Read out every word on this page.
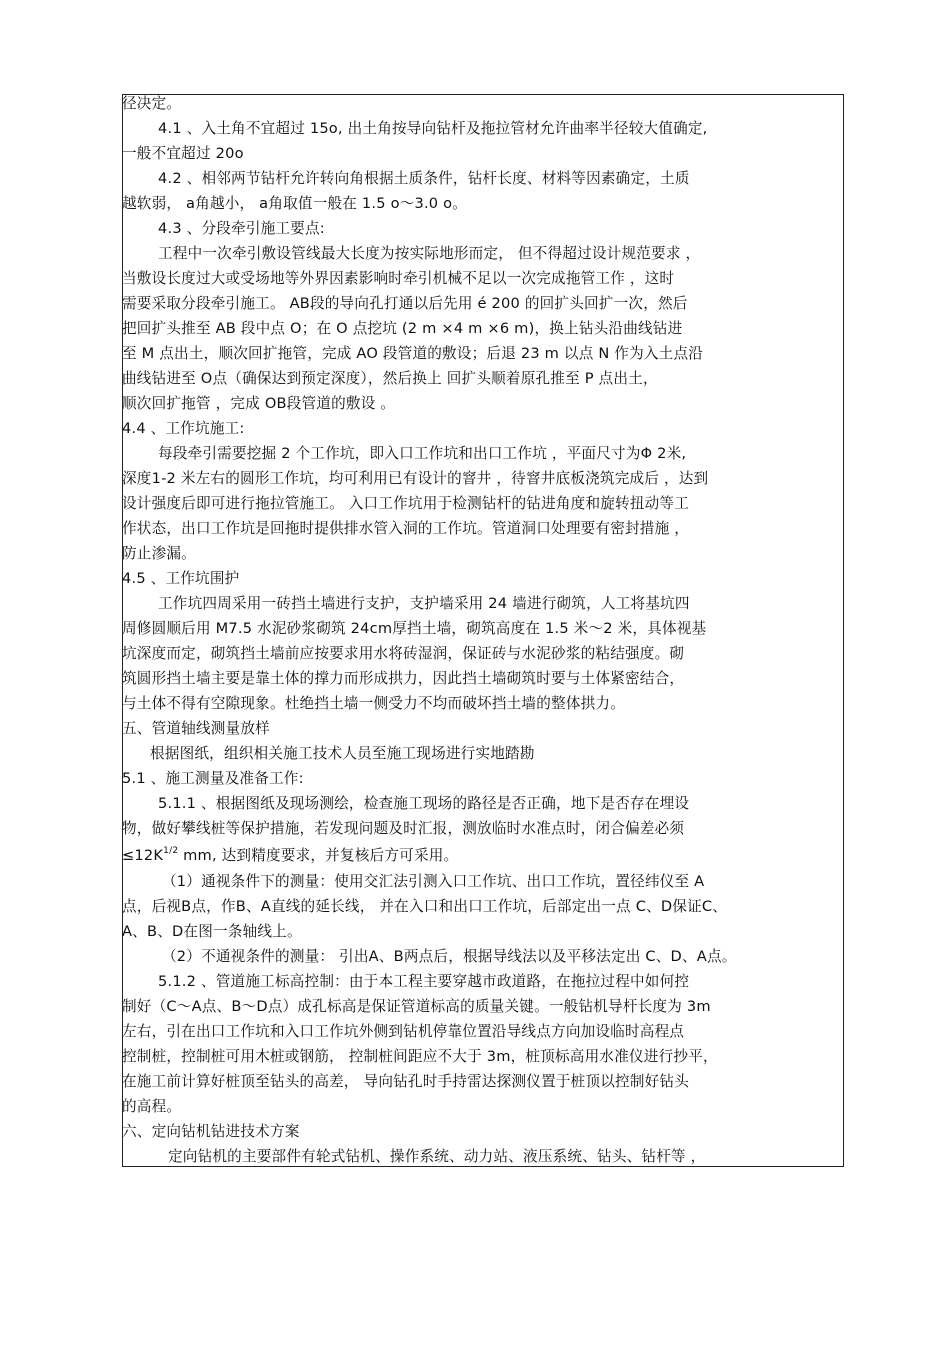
径决定。
4.1 、入土角不宜超过 15o, 出土角按导向钻杆及拖拉管材允许曲率半径较大值确定,
一般不宜超过 20o
4.2 、相邻两节钻杆允许转向角根据土质条件，钻杆长度、材料等因素确定，土质
越软弱， a角越小， a角取值一般在 1.5 o～3.0 o。
4.3 、分段牵引施工要点:
工程中一次牵引敷设管线最大长度为按实际地形而定， 但不得超过设计规范要求 ，
当敷设长度过大或受场地等外界因素影响时牵引机械不足以一次完成拖管工作 ，这时
需要采取分段牵引施工。 AB段的导向孔打通以后先用 é 200 的回扩头回扩一次，然后
把回扩头推至 AB 段中点 O；在 O 点挖坑 (2 m ×4 m ×6 m)，换上钻头沿曲线钻进
至 M 点出土，顺次回扩拖管，完成 AO 段管道的敷设；后退 23 m 以点 N 作为入土点沿
曲线钻进至 O点（确保达到预定深度），然后换上 回扩头顺着原孔推至 P 点出土，
顺次回扩拖管 ，完成 OB段管道的敷设 。
4.4 、工作坑施工:
每段牵引需要挖掘 2 个工作坑，即入口工作坑和出口工作坑 ，平面尺寸为Φ 2米,
深度1-2 米左右的圆形工作坑，均可利用已有设计的窨井 ，待窨井底板浇筑完成后 ，达到
设计强度后即可进行拖拉管施工。 入口工作坑用于检测钻杆的钻进角度和旋转扭动等工
作状态，出口工作坑是回拖时提供排水管入洞的工作坑。管道洞口处理要有密封措施 ，
防止渗漏。
4.5 、工作坑围护
工作坑四周采用一砖挡土墙进行支护，支护墙采用 24 墙进行砌筑，人工将基坑四
周修圆顺后用 M7.5 水泥砂浆砌筑 24cm厚挡土墙，砌筑高度在 1.5 米～2 米，具体视基
坑深度而定，砌筑挡土墙前应按要求用水将砖湿润，保证砖与水泥砂浆的粘结强度。砌
筑圆形挡土墙主要是靠土体的撑力而形成拱力，因此挡土墙砌筑时要与土体紧密结合，
与土体不得有空隙现象。杜绝挡土墙一侧受力不均而破坏挡土墙的整体拱力。
五、管道轴线测量放样
根据图纸，组织相关施工技术人员至施工现场进行实地踏勘
5.1 、施工测量及准备工作:
5.1.1 、根据图纸及现场测绘，检查施工现场的路径是否正确，地下是否存在埋设
物，做好攀线桩等保护措施，若发现问题及时汇报，测放临时水准点时，闭合偏差必须
$\le 12K^{1/2}$ mm, 达到精度要求，并复核后方可采用。
（1）通视条件下的测量：使用交汇法引测入口工作坑、出口工作坑，置径纬仪至 A
点，后视B点，作B、A直线的延长线， 并在入口和出口工作坑，后部定出一点 C、D保证C、
A、B、D在图一条轴线上。
（2）不通视条件的测量： 引出A、B两点后，根据导线法以及平移法定出 C、D、A点。
5.1.2 、管道施工标高控制：由于本工程主要穿越市政道路，在拖拉过程中如何控
制好（C～A点、B～D点）成孔标高是保证管道标高的质量关键。一般钻机导杆长度为 3m
左右，引在出口工作坑和入口工作坑外侧到钻机停靠位置沿导线点方向加设临时高程点
控制桩，控制桩可用木桩或钢筋， 控制桩间距应不大于 3m，桩顶标高用水准仪进行抄平，
在施工前计算好桩顶至钻头的高差， 导向钻孔时手持雷达探测仪置于桩顶以控制好钻头
的高程。
六、定向钻机钻进技术方案
定向钻机的主要部件有轮式钻机、操作系统、动力站、液压系统、钻头、钻杆等 ，
